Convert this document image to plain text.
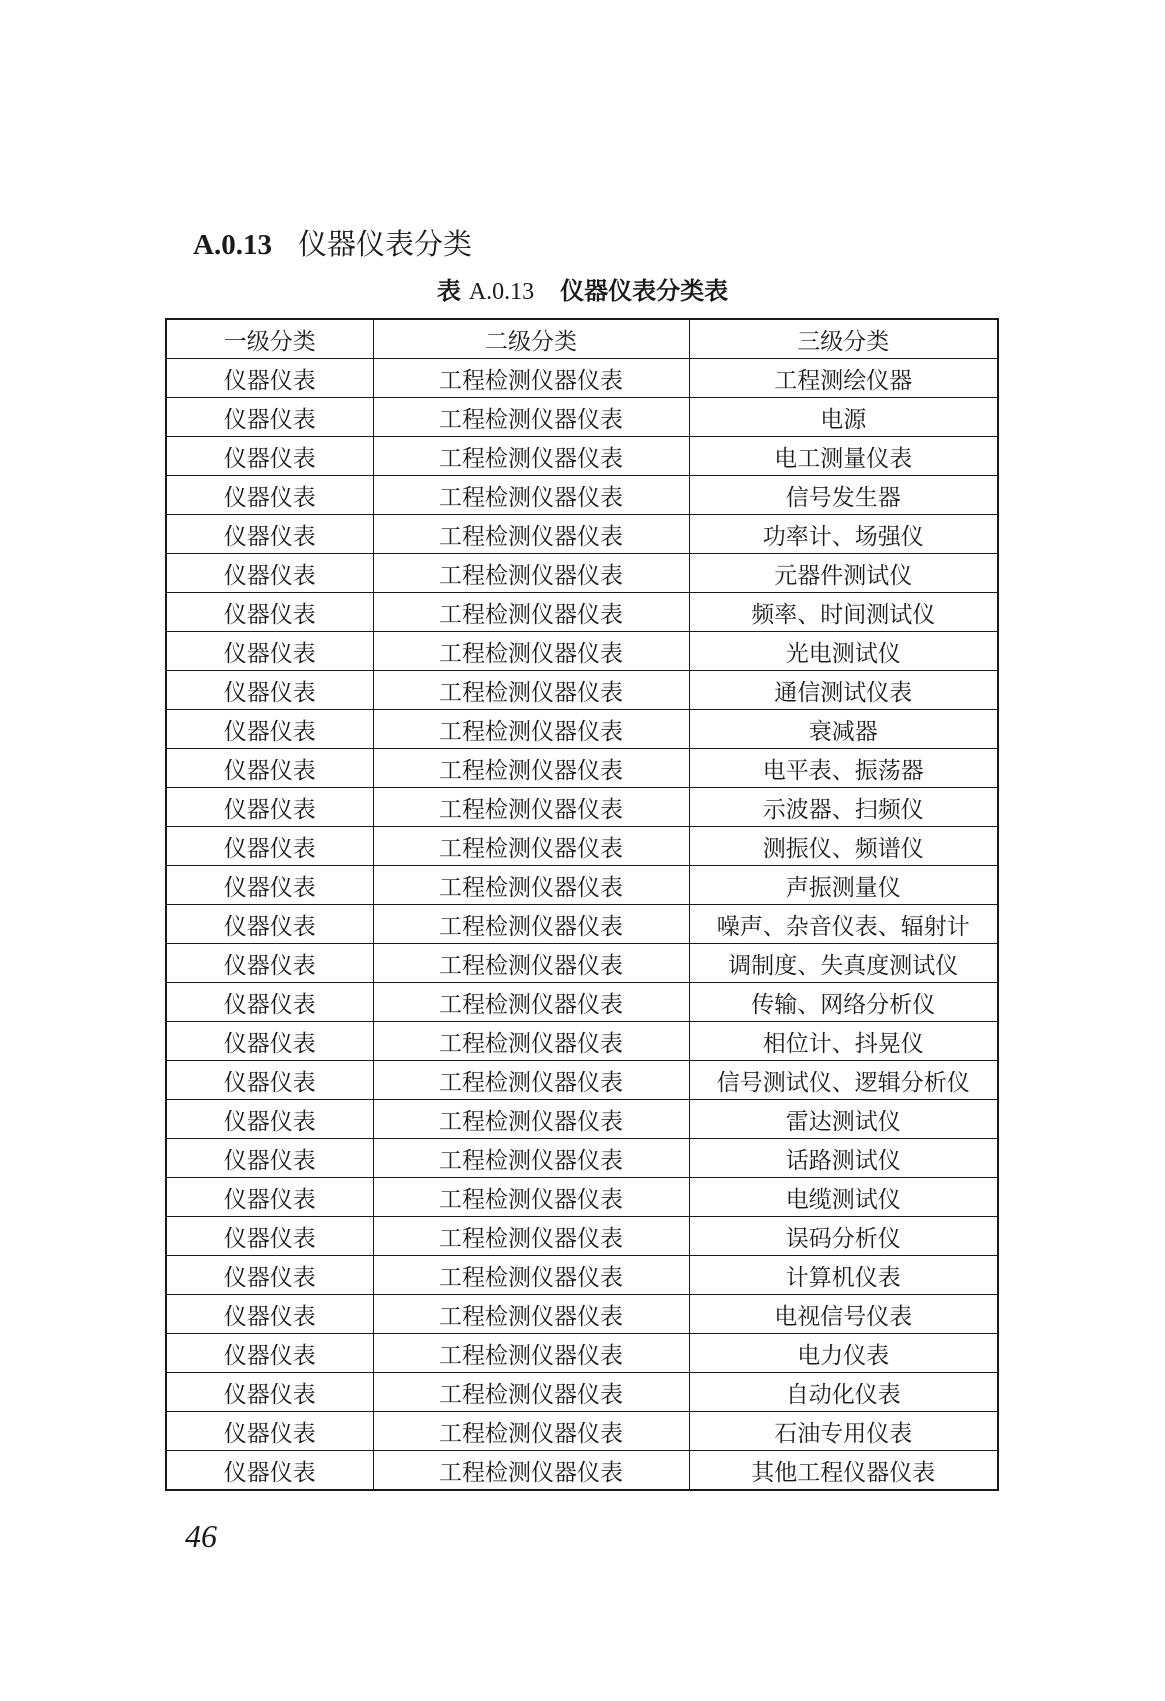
A.0.13 仪器仪表分类
表 A.0.13 仪器仪表分类表
一级分类	二级分类	三级分类
仪器仪表	工程检测仪器仪表	工程测绘仪器
仪器仪表	工程检测仪器仪表	电源
仪器仪表	工程检测仪器仪表	电工测量仪表
仪器仪表	工程检测仪器仪表	信号发生器
仪器仪表	工程检测仪器仪表	功率计、场强仪
仪器仪表	工程检测仪器仪表	元器件测试仪
仪器仪表	工程检测仪器仪表	频率、时间测试仪
仪器仪表	工程检测仪器仪表	光电测试仪
仪器仪表	工程检测仪器仪表	通信测试仪表
仪器仪表	工程检测仪器仪表	衰减器
仪器仪表	工程检测仪器仪表	电平表、振荡器
仪器仪表	工程检测仪器仪表	示波器、扫频仪
仪器仪表	工程检测仪器仪表	测振仪、频谱仪
仪器仪表	工程检测仪器仪表	声振测量仪
仪器仪表	工程检测仪器仪表	噪声、杂音仪表、辐射计
仪器仪表	工程检测仪器仪表	调制度、失真度测试仪
仪器仪表	工程检测仪器仪表	传输、网络分析仪
仪器仪表	工程检测仪器仪表	相位计、抖晃仪
仪器仪表	工程检测仪器仪表	信号测试仪、逻辑分析仪
仪器仪表	工程检测仪器仪表	雷达测试仪
仪器仪表	工程检测仪器仪表	话路测试仪
仪器仪表	工程检测仪器仪表	电缆测试仪
仪器仪表	工程检测仪器仪表	误码分析仪
仪器仪表	工程检测仪器仪表	计算机仪表
仪器仪表	工程检测仪器仪表	电视信号仪表
仪器仪表	工程检测仪器仪表	电力仪表
仪器仪表	工程检测仪器仪表	自动化仪表
仪器仪表	工程检测仪器仪表	石油专用仪表
仪器仪表	工程检测仪器仪表	其他工程仪器仪表
46
